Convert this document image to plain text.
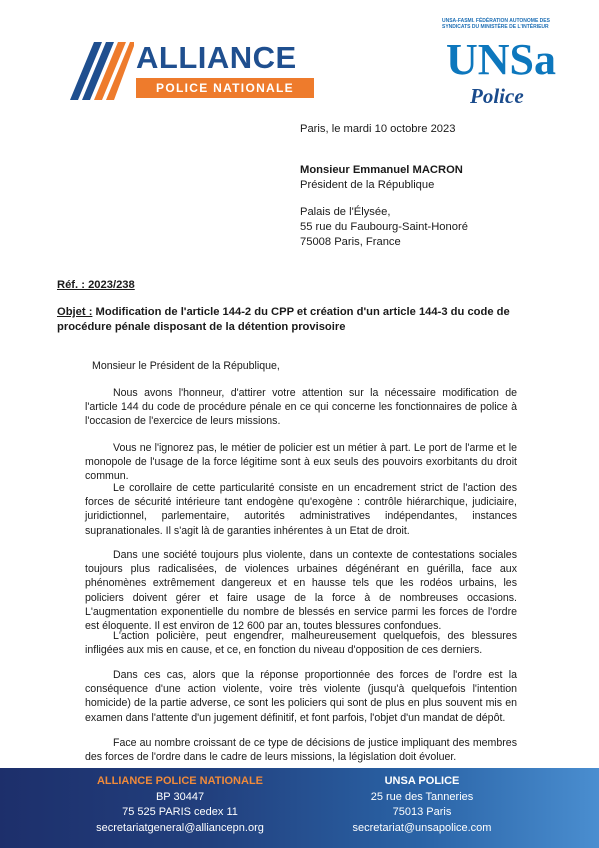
ALLIANCE
POLICE NATIONALE
UNSA-FASMI. FÉDÉRATION AUTONOME DES SYNDICATS DU MINISTÈRE DE L'INTÉRIEUR
UNSa
Police
Paris, le mardi 10 octobre 2023
Monsieur Emmanuel MACRON
Président de la République
Palais de l'Élysée,
55 rue du Faubourg-Saint-Honoré
75008 Paris, France
Réf. : 2023/238
Objet : Modification de l'article 144-2 du CPP et création d'un article 144-3 du code de procédure pénale disposant de la détention provisoire
Monsieur le Président de la République,

Nous avons l'honneur, d'attirer votre attention sur la nécessaire modification de l'article 144 du code de procédure pénale en ce qui concerne les fonctionnaires de police à l'occasion de l'exercice de leurs missions.

Vous ne l'ignorez pas, le métier de policier est un métier à part. Le port de l'arme et le monopole de l'usage de la force légitime sont à eux seuls des pouvoirs exorbitants du droit commun.

Le corollaire de cette particularité consiste en un encadrement strict de l'action des forces de sécurité intérieure tant endogène qu'exogène : contrôle hiérarchique, judiciaire, juridictionnel, parlementaire, autorités administratives indépendantes, instances supranationales. Il s'agit là de garanties inhérentes à un Etat de droit.

Dans une société toujours plus violente, dans un contexte de contestations sociales toujours plus radicalisées, de violences urbaines dégénérant en guérilla, face aux phénomènes extrêmement dangereux et en hausse tels que les rodéos urbains, les policiers doivent gérer et faire usage de la force à de nombreuses occasions. L'augmentation exponentielle du nombre de blessés en service parmi les forces de l'ordre est éloquente. Il est environ de 12 600 par an, toutes blessures confondues.

L'action policière, peut engendrer, malheureusement quelquefois, des blessures infligées aux mis en cause, et ce, en fonction du niveau d'opposition de ces derniers.

Dans ces cas, alors que la réponse proportionnée des forces de l'ordre est la conséquence d'une action violente, voire très violente (jusqu'à quelquefois l'intention homicide) de la partie adverse, ce sont les policiers qui sont de plus en plus souvent mis en examen dans l'attente d'un jugement définitif, et font parfois, l'objet d'un mandat de dépôt.

Face au nombre croissant de ce type de décisions de justice impliquant des membres des forces de l'ordre dans le cadre de leurs missions, la législation doit évoluer.

ALLIANCE POLICE NATIONALE
BP 30447
75 525 PARIS cedex 11
secretariatgeneral@alliancepn.org
UNSA POLICE
25 rue des Tanneries
75013 Paris
secretariat@unsapolice.com
